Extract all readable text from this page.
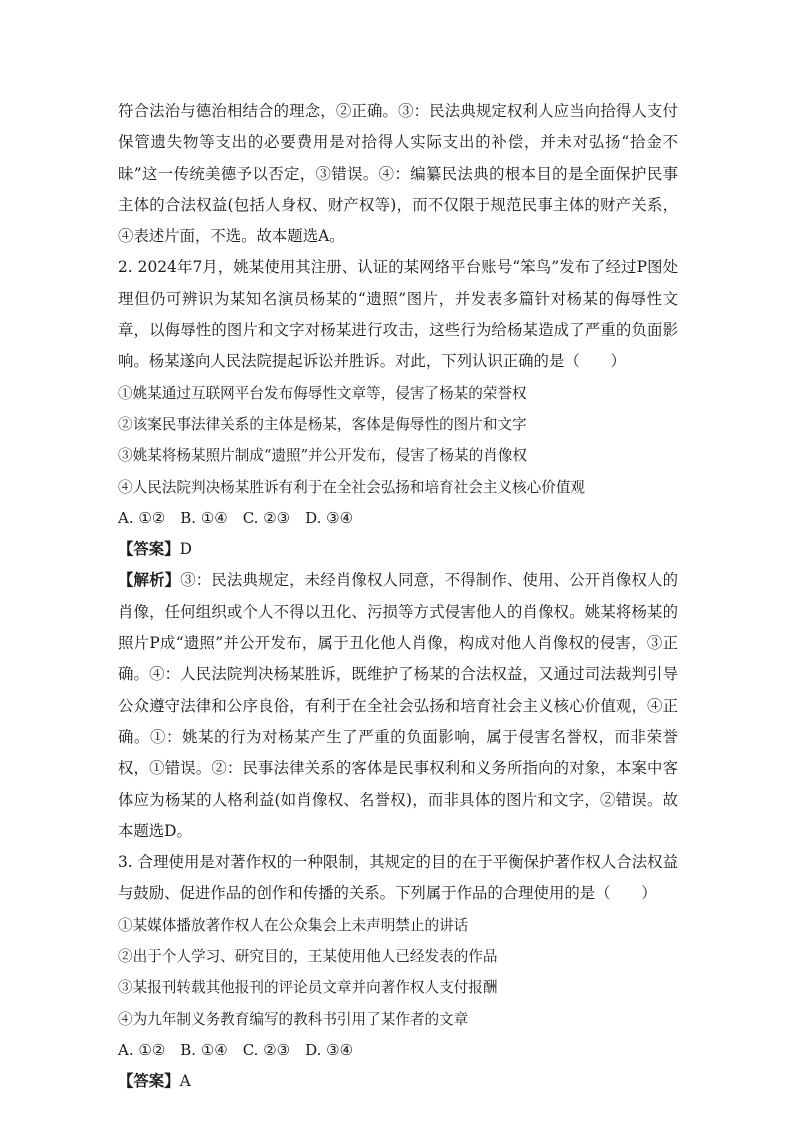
符合法治与德治相结合的理念，②正确。③：民法典规定权利人应当向拾得人支付保管遗失物等支出的必要费用是对拾得人实际支出的补偿，并未对弘扬“拾金不昧”这一传统美德予以否定，③错误。④：编纂民法典的根本目的是全面保护民事主体的合法权益(包括人身权、财产权等)，而不仅限于规范民事主体的财产关系，④表述片面，不选。故本题选A。

2. 2024年7月，姚某使用其注册、认证的某网络平台账号“笨鸟”发布了经过P图处理但仍可辨识为某知名演员杨某的“遗照”图片，并发表多篇针对杨某的侮辱性文章，以侮辱性的图片和文字对杨某进行攻击，这些行为给杨某造成了严重的负面影响。杨某遂向人民法院提起诉讼并胜诉。对此，下列认识正确的是（　　）

①姚某通过互联网平台发布侮辱性文章等，侵害了杨某的荣誉权

②该案民事法律关系的主体是杨某，客体是侮辱性的图片和文字

③姚某将杨某照片制成“遗照”并公开发布，侵害了杨某的肖像权

④人民法院判决杨某胜诉有利于在全社会弘扬和培育社会主义核心价值观

A. ①②　B. ①④　C. ②③　D. ③④

【答案】D

【解析】③：民法典规定，未经肖像权人同意，不得制作、使用、公开肖像权人的肖像，任何组织或个人不得以丑化、污损等方式侵害他人的肖像权。姚某将杨某的照片P成“遗照”并公开发布，属于丑化他人肖像，构成对他人肖像权的侵害，③正确。④：人民法院判决杨某胜诉，既维护了杨某的合法权益，又通过司法裁判引导公众遵守法律和公序良俗，有利于在全社会弘扬和培育社会主义核心价值观，④正确。①：姚某的行为对杨某产生了严重的负面影响，属于侵害名誉权，而非荣誉权，①错误。②：民事法律关系的客体是民事权利和义务所指向的对象，本案中客体应为杨某的人格利益(如肖像权、名誉权)，而非具体的图片和文字，②错误。故本题选D。

3. 合理使用是对著作权的一种限制，其规定的目的在于平衡保护著作权人合法权益与鼓励、促进作品的创作和传播的关系。下列属于作品的合理使用的是（　　）

①某媒体播放著作权人在公众集会上未声明禁止的讲话

②出于个人学习、研究目的，王某使用他人已经发表的作品

③某报刊转载其他报刊的评论员文章并向著作权人支付报酬

④为九年制义务教育编写的教科书引用了某作者的文章

A. ①②　B. ①④　C. ②③　D. ③④

【答案】A
